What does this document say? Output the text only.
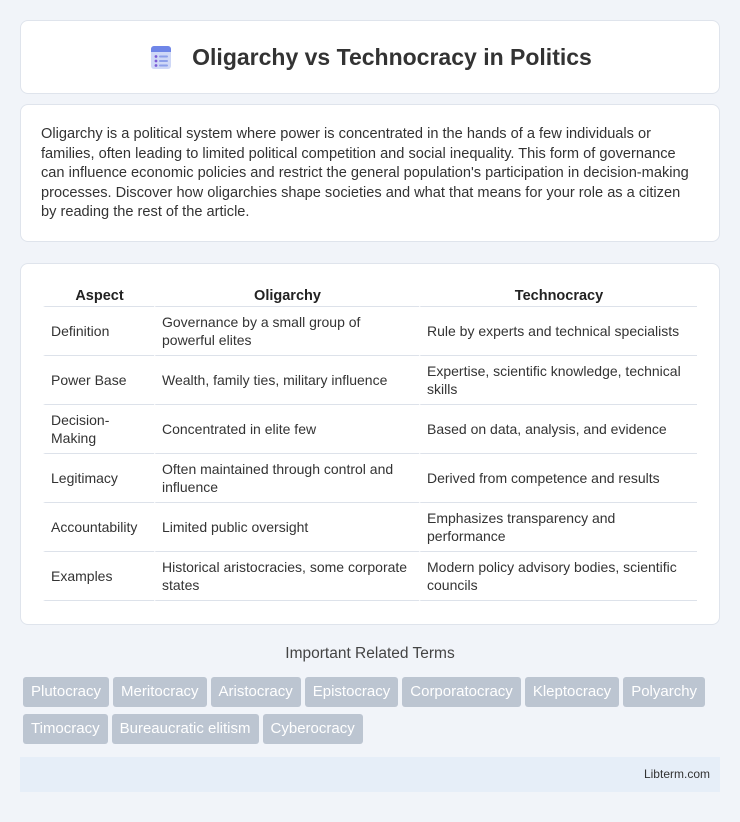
Oligarchy vs Technocracy in Politics

Oligarchy is a political system where power is concentrated in the hands of a few individuals or families, often leading to limited political competition and social inequality. This form of governance can influence economic policies and restrict the general population's participation in decision-making processes. Discover how oligarchies shape societies and what that means for your role as a citizen by reading the rest of the article.

Aspect	Oligarchy	Technocracy
Definition	Governance by a small group of powerful elites	Rule by experts and technical specialists
Power Base	Wealth, family ties, military influence	Expertise, scientific knowledge, technical skills
Decision-Making	Concentrated in elite few	Based on data, analysis, and evidence
Legitimacy	Often maintained through control and influence	Derived from competence and results
Accountability	Limited public oversight	Emphasizes transparency and performance
Examples	Historical aristocracies, some corporate states	Modern policy advisory bodies, scientific councils
Important Related Terms
Plutocracy Meritocracy Aristocracy Epistocracy Corporatocracy Kleptocracy PolyarchyTimocracy Bureaucratic elitism Cyberocracy
Libterm.com
